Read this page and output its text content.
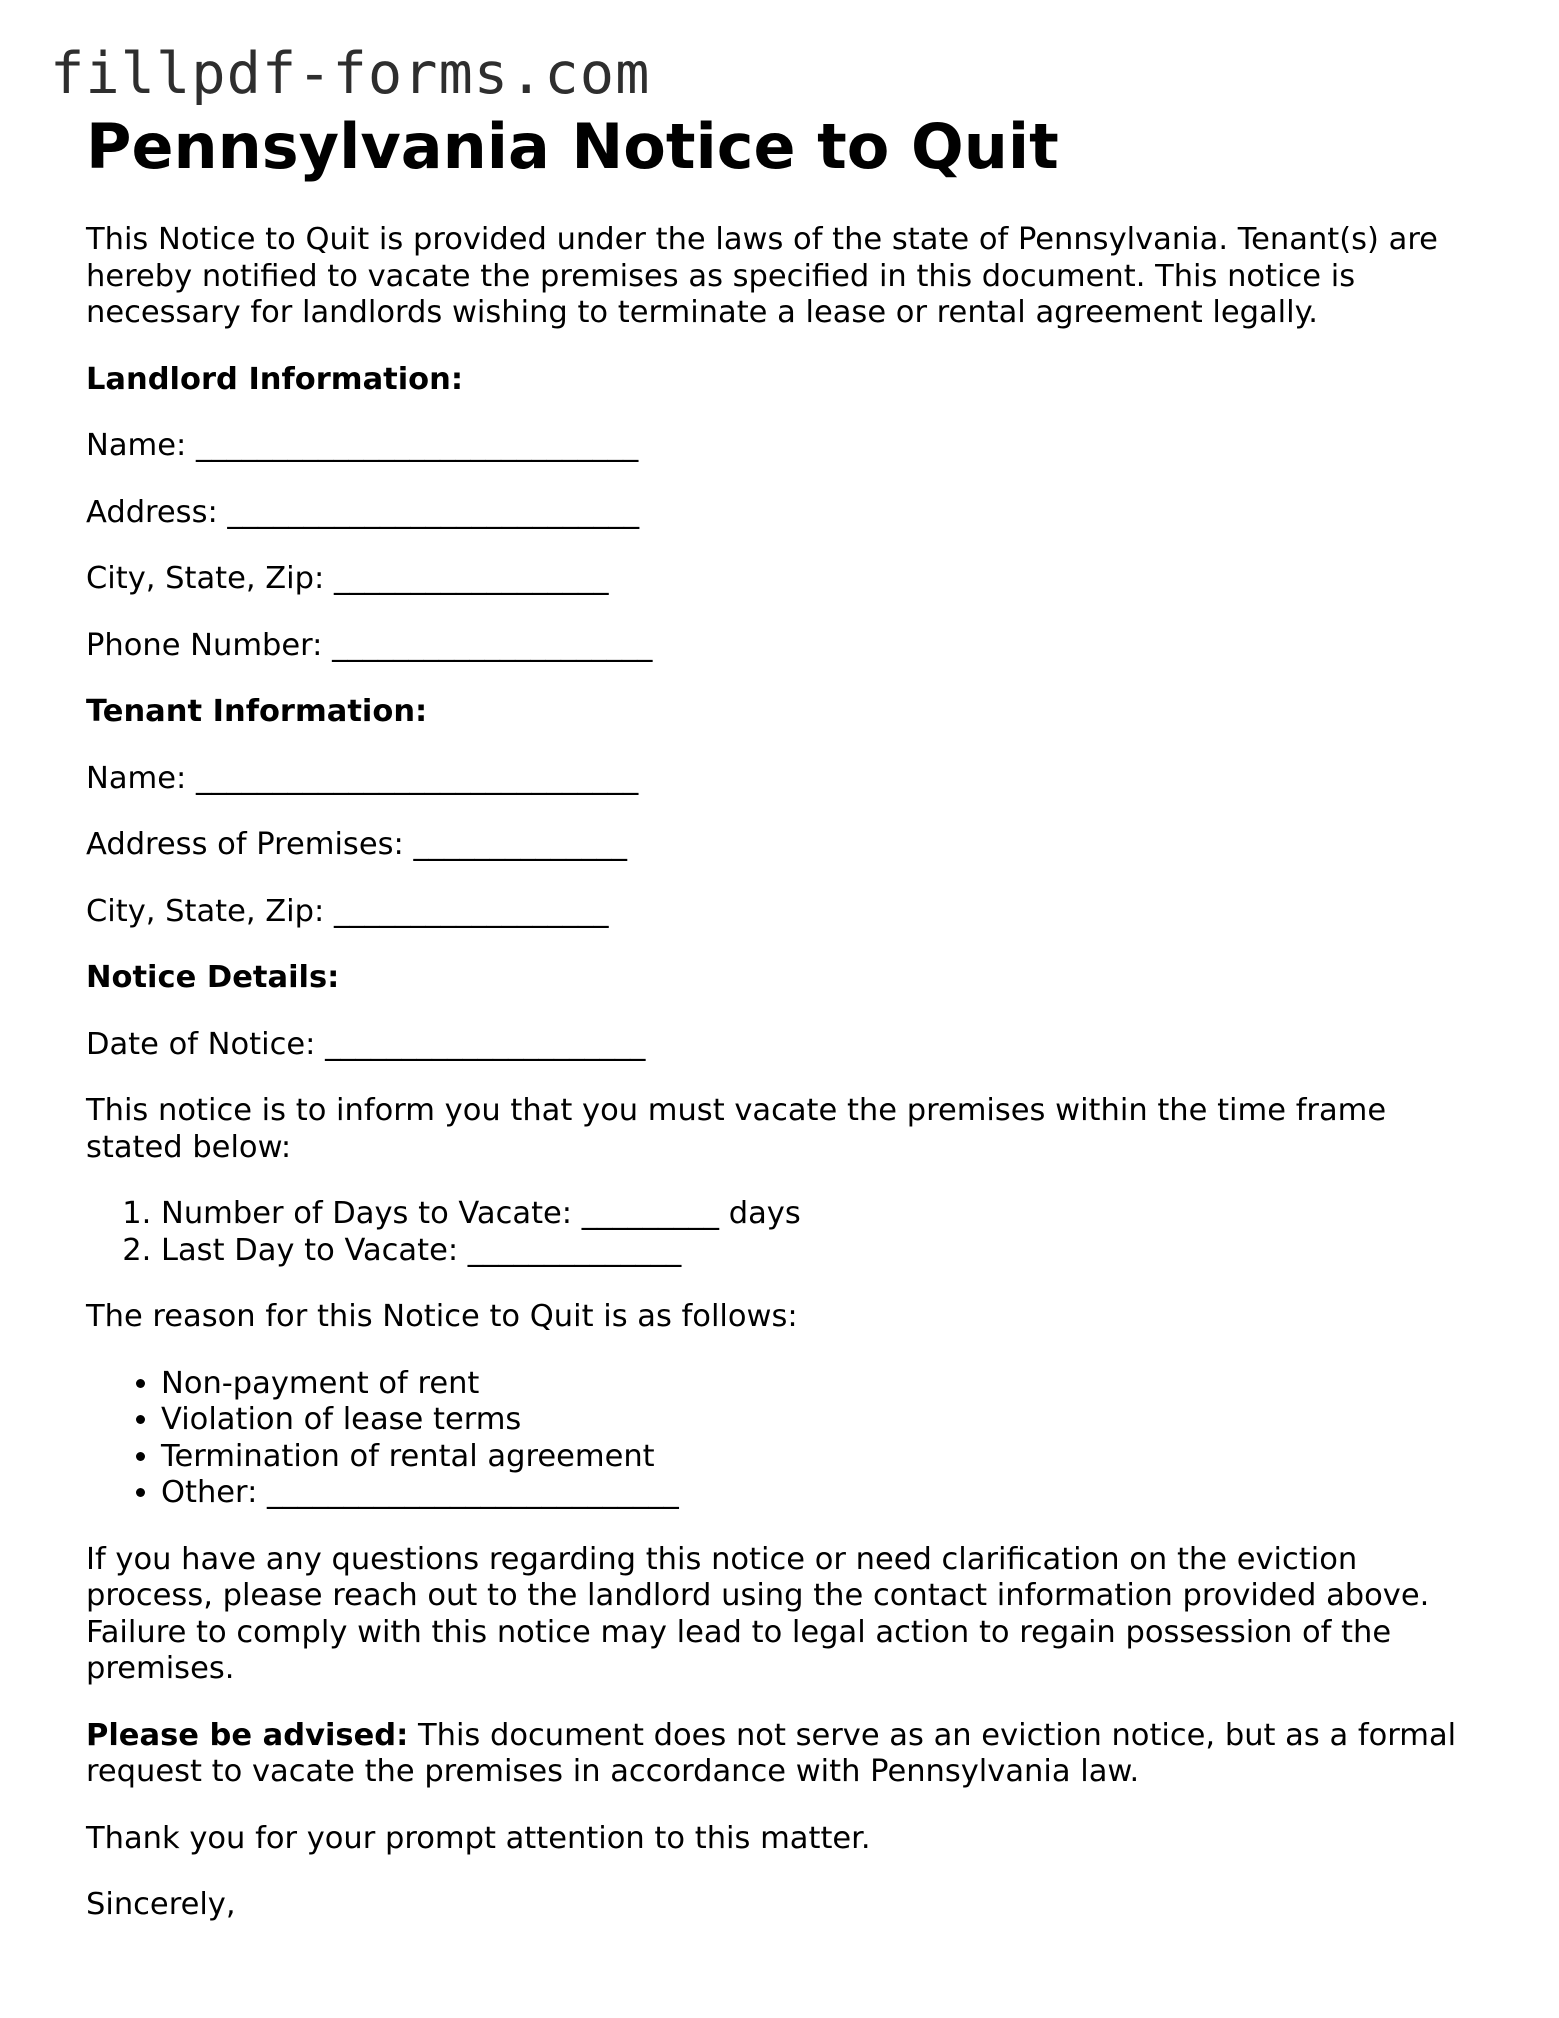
fillpdf-forms.com
Pennsylvania Notice to Quit

This Notice to Quit is provided under the laws of the state of Pennsylvania. Tenant(s) are hereby notified to vacate the premises as specified in this document. This notice is necessary for landlords wishing to terminate a lease or rental agreement legally.

Landlord Information:

Name: _____________________________

Address: ___________________________

City, State, Zip: __________________

Phone Number: _____________________

Tenant Information:

Name: _____________________________

Address of Premises: ______________

City, State, Zip: __________________

Notice Details:

Date of Notice: _____________________

This notice is to inform you that you must vacate the premises within the time frame stated below:

1. Number of Days to Vacate: _________ days
2. Last Day to Vacate: ______________

The reason for this Notice to Quit is as follows:

• Non-payment of rent
• Violation of lease terms
• Termination of rental agreement
• Other: ___________________________

If you have any questions regarding this notice or need clarification on the eviction process, please reach out to the landlord using the contact information provided above. Failure to comply with this notice may lead to legal action to regain possession of the premises.

Please be advised: This document does not serve as an eviction notice, but as a formal request to vacate the premises in accordance with Pennsylvania law.

Thank you for your prompt attention to this matter.

Sincerely,
